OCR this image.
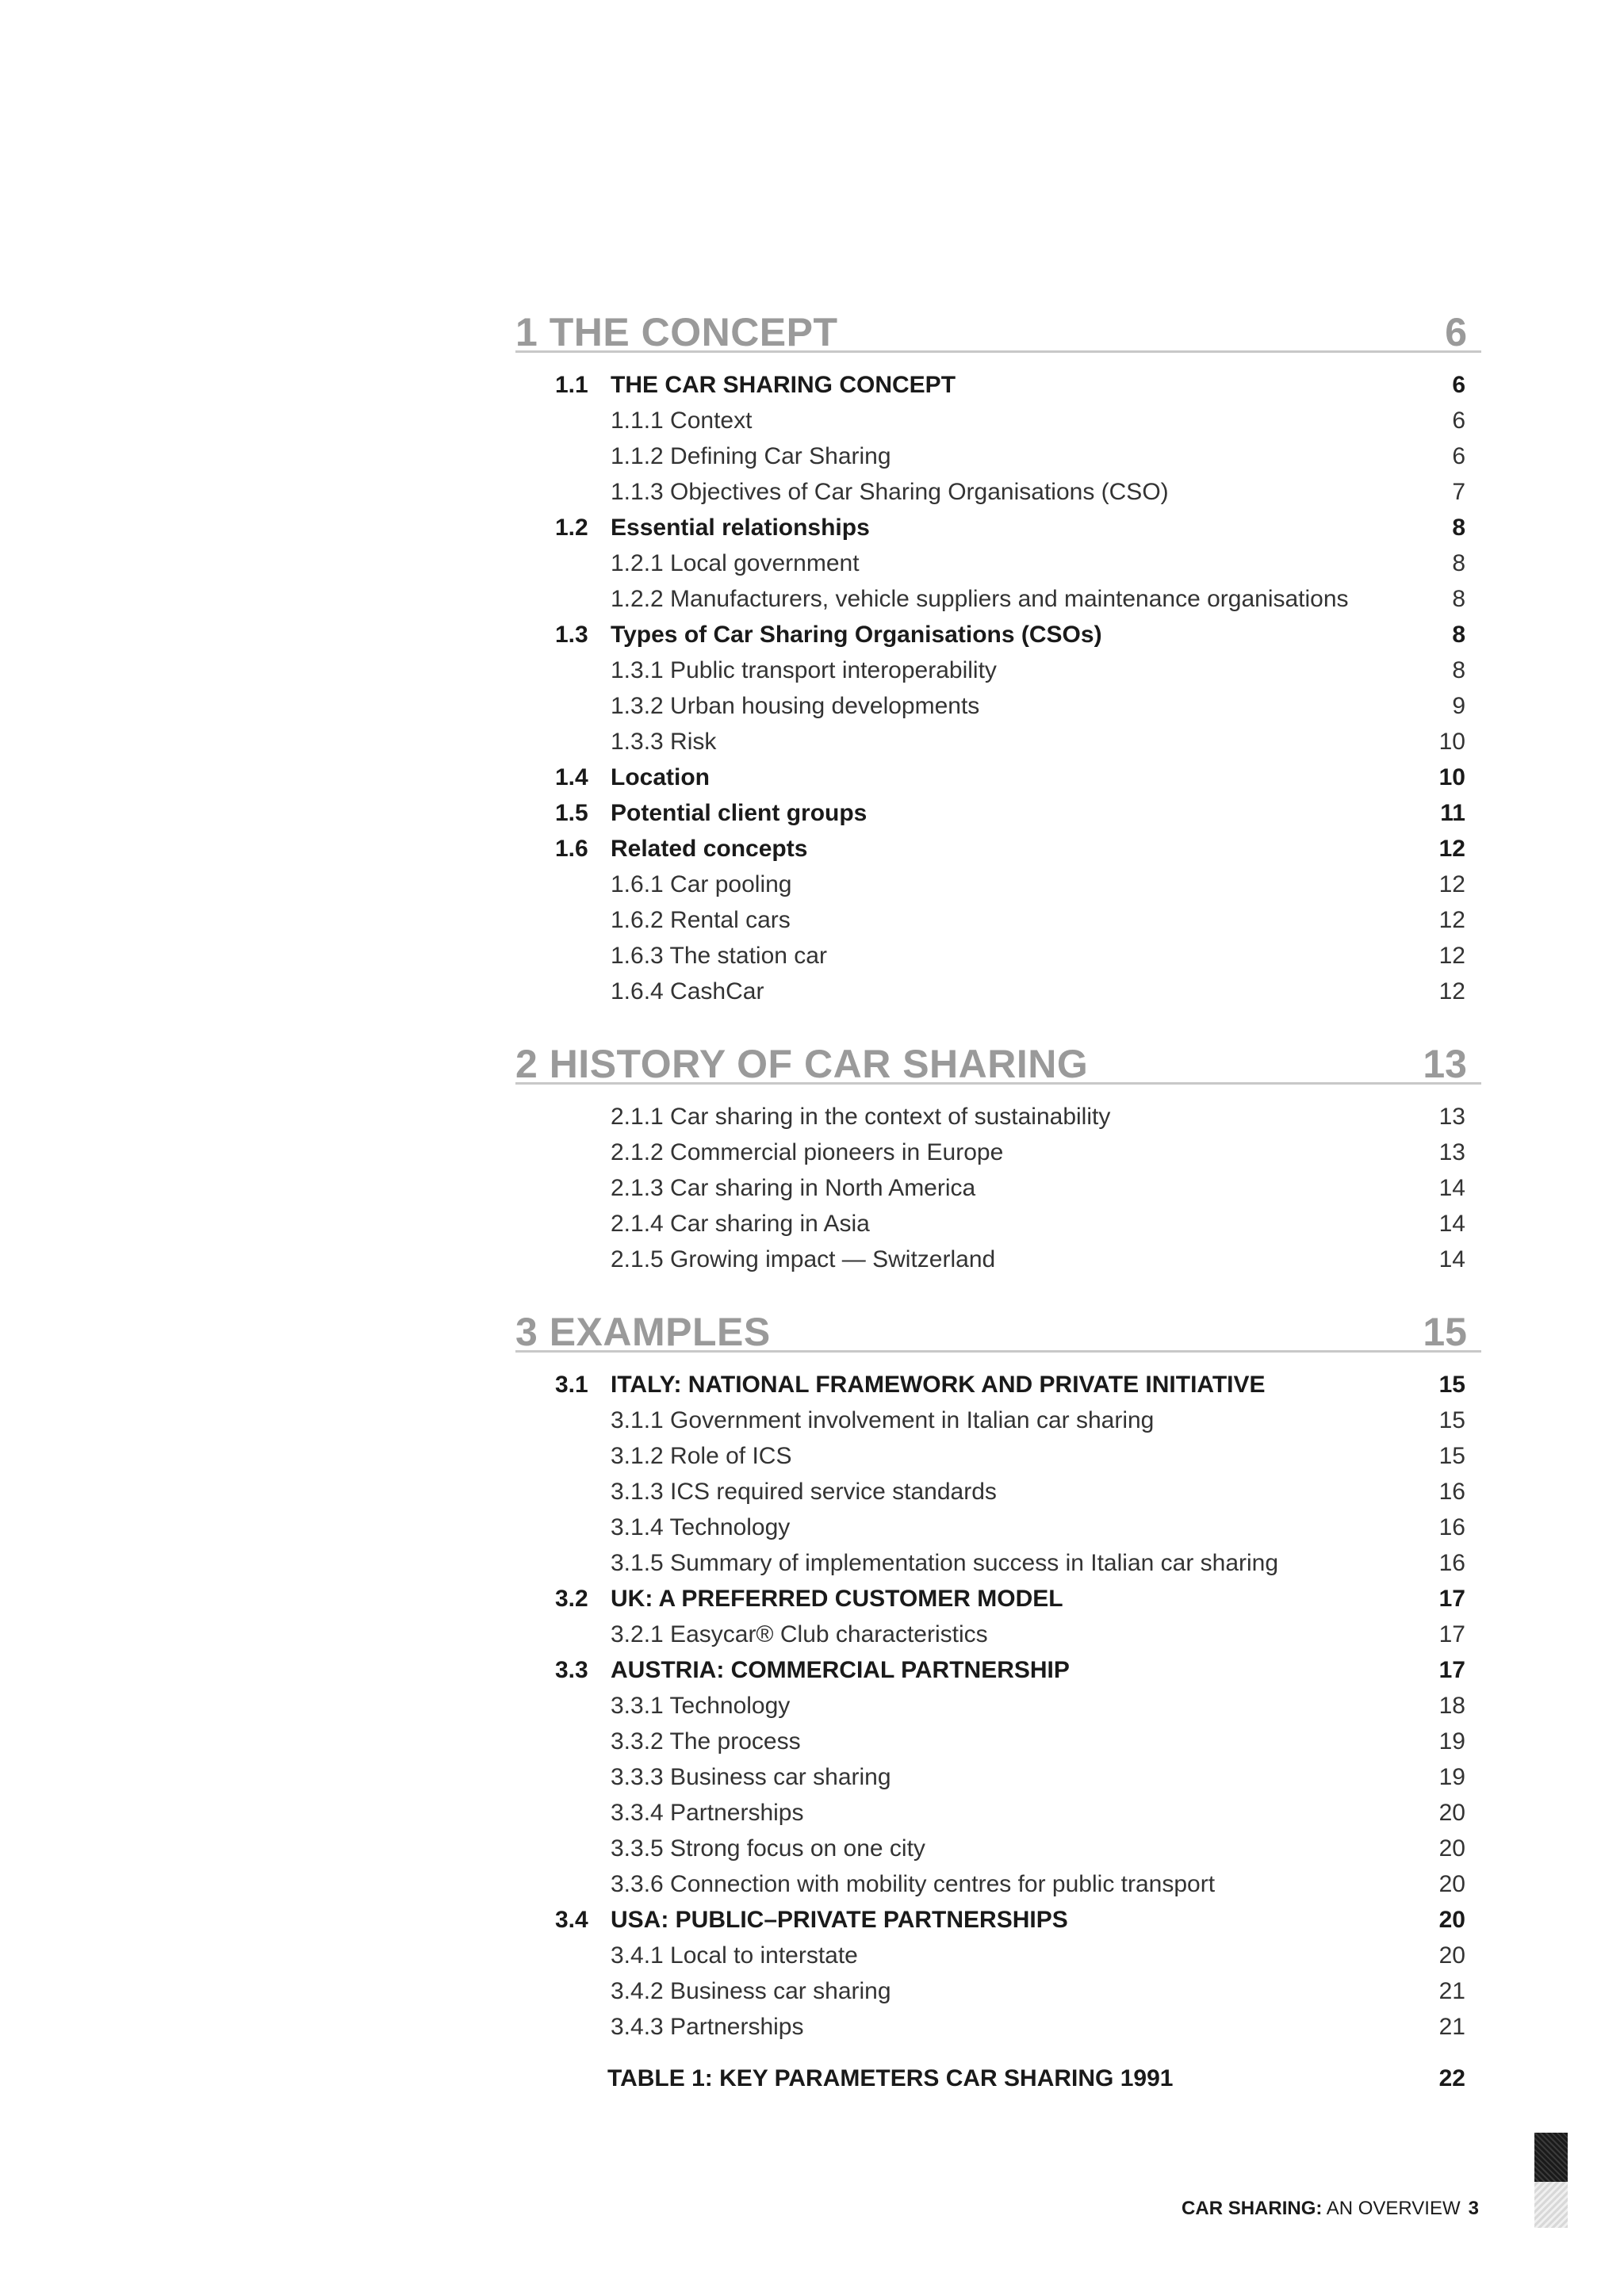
1 THE CONCEPT	6
1.1 THE CAR SHARING CONCEPT	6
1.1.1 Context	6
1.1.2 Defining Car Sharing	6
1.1.3 Objectives of Car Sharing Organisations (CSO)	7
1.2 Essential relationships	8
1.2.1 Local government	8
1.2.2 Manufacturers, vehicle suppliers and maintenance organisations	8
1.3 Types of Car Sharing Organisations (CSOs)	8
1.3.1 Public transport interoperability	8
1.3.2 Urban housing developments	9
1.3.3 Risk	10
1.4 Location	10
1.5 Potential client groups	11
1.6 Related concepts	12
1.6.1 Car pooling	12
1.6.2 Rental cars	12
1.6.3 The station car	12
1.6.4 CashCar	12
2 HISTORY OF CAR SHARING	13
2.1.1 Car sharing in the context of sustainability	13
2.1.2 Commercial pioneers in Europe	13
2.1.3 Car sharing in North America	14
2.1.4 Car sharing in Asia	14
2.1.5 Growing impact — Switzerland	14
3 EXAMPLES	15
3.1 ITALY: NATIONAL FRAMEWORK AND PRIVATE INITIATIVE	15
3.1.1 Government involvement in Italian car sharing	15
3.1.2 Role of ICS	15
3.1.3 ICS required service standards	16
3.1.4 Technology	16
3.1.5 Summary of implementation success in Italian car sharing	16
3.2 UK: A PREFERRED CUSTOMER MODEL	17
3.2.1 Easycar® Club characteristics	17
3.3 AUSTRIA: COMMERCIAL PARTNERSHIP	17
3.3.1 Technology	18
3.3.2 The process	19
3.3.3 Business car sharing	19
3.3.4 Partnerships	20
3.3.5 Strong focus on one city	20
3.3.6 Connection with mobility centres for public transport	20
3.4 USA: PUBLIC–PRIVATE PARTNERSHIPS	20
3.4.1 Local to interstate	20
3.4.2 Business car sharing	21
3.4.3 Partnerships	21
TABLE 1: KEY PARAMETERS CAR SHARING 1991	22
CAR SHARING: AN OVERVIEW 3
